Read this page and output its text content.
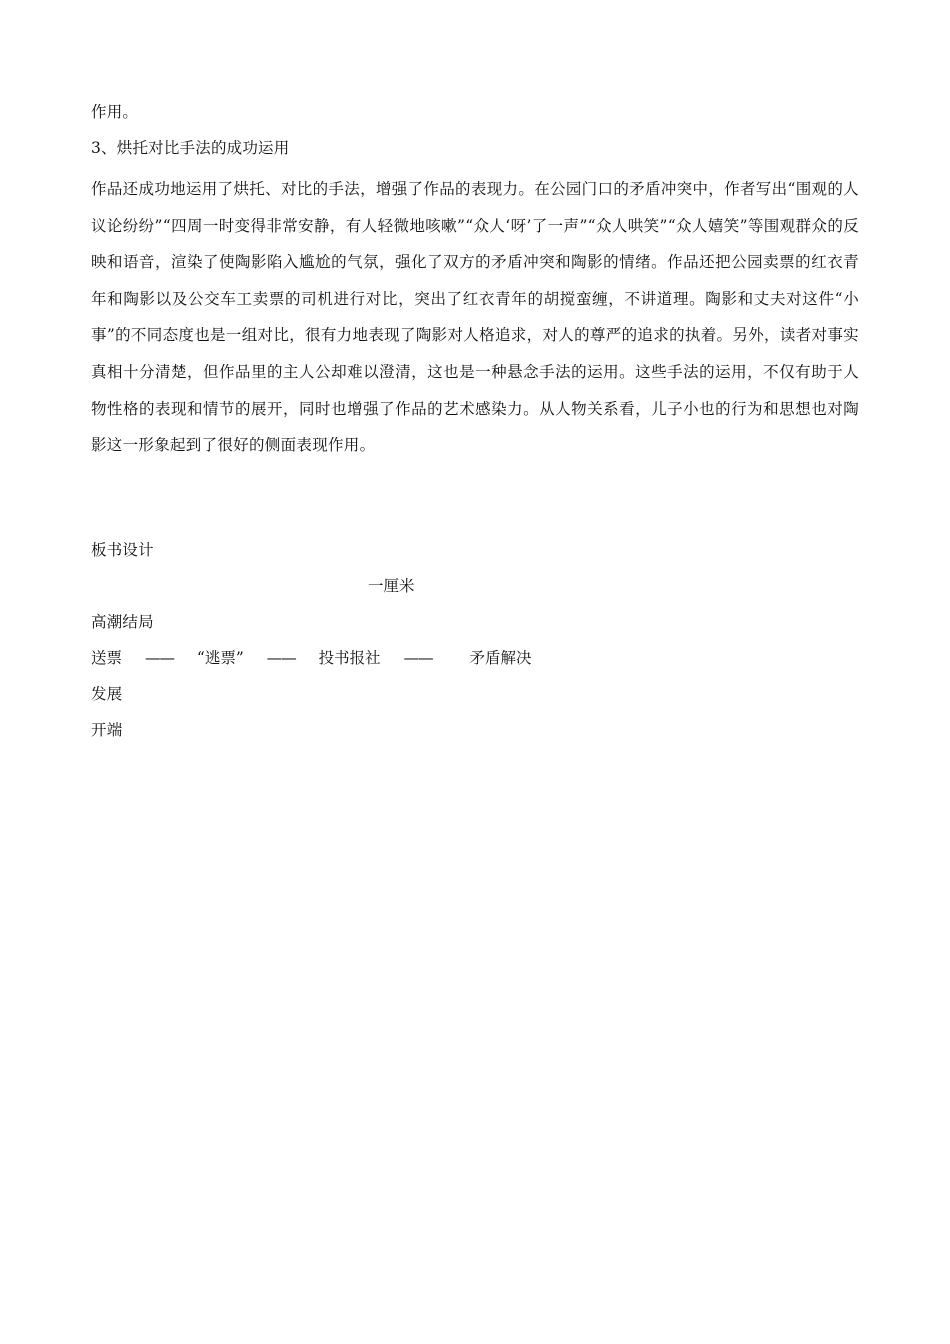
作用。
3、烘托对比手法的成功运用
作品还成功地运用了烘托、对比的手法，增强了作品的表现力。在公园门口的矛盾冲突中，作者写出“围观的人议论纷纷”“四周一时变得非常安静，有人轻微地咳嗽”“众人‘呀’了一声”“众人哄笑”“众人嬉笑”等围观群众的反映和语音，渲染了使陶影陷入尴尬的气氛，强化了双方的矛盾冲突和陶影的情绪。作品还把公园卖票的红衣青年和陶影以及公交车工卖票的司机进行对比，突出了红衣青年的胡搅蛮缠，不讲道理。陶影和丈夫对这件“小事”的不同态度也是一组对比，很有力地表现了陶影对人格追求，对人的尊严的追求的执着。另外，读者对事实真相十分清楚，但作品里的主人公却难以澄清，这也是一种悬念手法的运用。这些手法的运用，不仅有助于人物性格的表现和情节的展开，同时也增强了作品的艺术感染力。从人物关系看，儿子小也的行为和思想也对陶影这一形象起到了很好的侧面表现作用。
板书设计
一厘米
高潮结局
送票 —— “逃票” —— 投书报社 —— 矛盾解决
发展
开端
